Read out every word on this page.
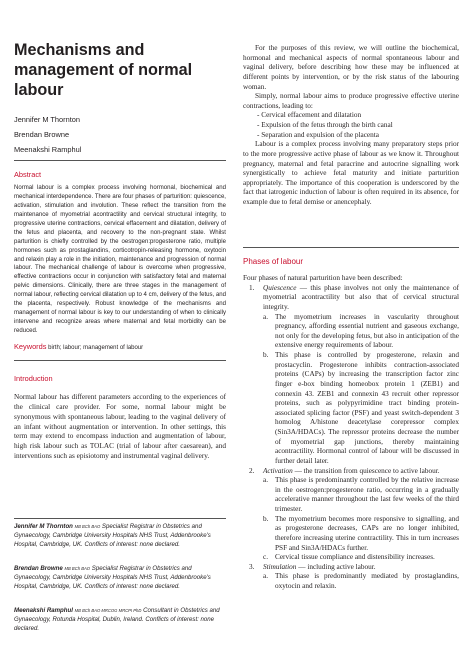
Mechanisms and management of normal labour
Jennifer M Thornton
Brendan Browne
Meenakshi Ramphul
Abstract

Normal labour is a complex process involving hormonal, biochemical and mechanical interdependence. There are four phases of parturition: quiescence, activation, stimulation and involution. These reflect the transition from the maintenance of myometrial acontractility and cervical structural integrity, to progressive uterine contractions, cervical effacement and dilatation, delivery of the fetus and placenta, and recovery to the non-pregnant state. Whilst parturition is chiefly controlled by the oestrogen:progesterone ratio, multiple hormones such as prostaglandins, corticotropin-releasing hormone, oxytocin and relaxin play a role in the initiation, maintenance and progression of normal labour. The mechanical challenge of labour is overcome when progressive, effective contractions occur in conjunction with satisfactory fetal and maternal pelvic dimensions. Clinically, there are three stages in the management of normal labour, reflecting cervical dilatation up to 4 cm, delivery of the fetus, and the placenta, respectively. Robust knowledge of the mechanisms and management of normal labour is key to our understanding of when to clinically intervene and recognize areas where maternal and fetal morbidity can be reduced.

Keywords birth; labour; management of labour
Introduction

Normal labour has different parameters according to the experiences of the clinical care provider. For some, normal labour might be synonymous with spontaneous labour, leading to the vaginal delivery of an infant without augmentation or intervention. In other settings, this term may extend to encompass induction and augmentation of labour, high risk labour such as TOLAC (trial of labour after caesarean), and interventions such as episiotomy and instrumental vaginal delivery.

Jennifer M Thornton MB BCh BAO Specialist Registrar in Obstetrics and Gynaecology, Cambridge University Hospitals NHS Trust, Addenbrooke's Hospital, Cambridge, UK. Conflicts of interest: none declared.

Brendan Browne MB BCh BAO Specialist Registrar in Obstetrics and Gynaecology, Cambridge University Hospitals NHS Trust, Addenbrooke's Hospital, Cambridge, UK. Conflicts of interest: none declared.

Meenakshi Ramphul MB BCh BAO MRCOG MRCPI PhD Consultant in Obstetrics and Gynaecology, Rotunda Hospital, Dublin, Ireland. Conflicts of interest: none declared.

For the purposes of this review, we will outline the biochemical, hormonal and mechanical aspects of normal spontaneous labour and vaginal delivery, before describing how these may be influenced at different points by intervention, or by the risk status of the labouring woman.

Simply, normal labour aims to produce progressive effective uterine contractions, leading to:

- Cervical effacement and dilatation

- Expulsion of the fetus through the birth canal

- Separation and expulsion of the placenta

Labour is a complex process involving many preparatory steps prior to the more progressive active phase of labour as we know it. Throughout pregnancy, maternal and fetal paracrine and autocrine signalling work synergistically to achieve fetal maturity and initiate parturition appropriately. The importance of this cooperation is underscored by the fact that iatrogenic induction of labour is often required in its absence, for example due to fetal demise or anencephaly.

Phases of labour

Four phases of natural parturition have been described:

1. Quiescence — this phase involves not only the maintenance of myometrial acontractility but also that of cervical structural integrity.

a. The myometrium increases in vascularity throughout pregnancy, affording essential nutrient and gaseous exchange, not only for the developing fetus, but also in anticipation of the extensive energy requirements of labour.

b. This phase is controlled by progesterone, relaxin and prostacyclin. Progesterone inhibits contraction-associated proteins (CAPs) by increasing the transcription factor zinc finger e-box binding homeobox protein 1 (ZEB1) and connexin 43. ZEB1 and connexin 43 recruit other repressor proteins, such as polypyrimidine tract binding protein-associated splicing factor (PSF) and yeast switch-dependent 3 homolog A/histone deacetylase corepressor complex (Sin3A/HDACs). The repressor proteins decrease the number of myometrial gap junctions, thereby maintaining acontractility. Hormonal control of labour will be discussed in further detail later.

2. Activation — the transition from quiescence to active labour.

a. This phase is predominantly controlled by the relative increase in the oestrogen:progesterone ratio, occurring in a gradually accelerative manner throughout the last few weeks of the third trimester.

b. The myometrium becomes more responsive to signalling, and as progesterone decreases, CAPs are no longer inhibited, therefore increasing uterine contractility. This in turn increases PSF and Sin3A/HDACs further.

c. Cervical tissue compliance and distensibility increases.

3. Stimulation — including active labour.

a. This phase is predominantly mediated by prostaglandins, oxytocin and relaxin.
